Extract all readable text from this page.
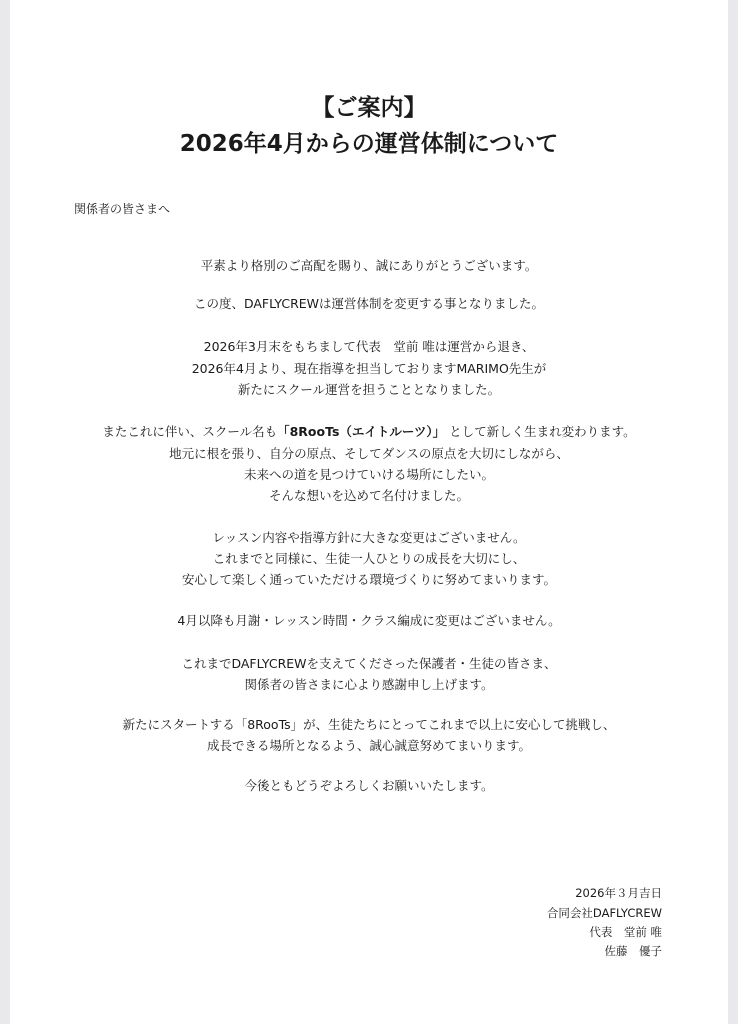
【ご案内】
2026年4月からの運営体制について
関係者の皆さまへ
平素より格別のご高配を賜り、誠にありがとうございます。
この度、DAFLYCREWは運営体制を変更する事となりました。
2026年3月末をもちまして代表　堂前 唯は運営から退き、
2026年4月より、現在指導を担当しておりますMARIMO先生が
新たにスクール運営を担うこととなりました。
またこれに伴い、スクール名も「8RooTs（エイトルーツ）」 として新しく生まれ変わります。
地元に根を張り、自分の原点、そしてダンスの原点を大切にしながら、
未来への道を見つけていける場所にしたい。
そんな想いを込めて名付けました。
レッスン内容や指導方針に大きな変更はございません。
これまでと同様に、生徒一人ひとりの成長を大切にし、
安心して楽しく通っていただける環境づくりに努めてまいります。
4月以降も月謝・レッスン時間・クラス編成に変更はございません。
これまでDAFLYCREWを支えてくださった保護者・生徒の皆さま、
関係者の皆さまに心より感謝申し上げます。
新たにスタートする「8RooTs」が、生徒たちにとってこれまで以上に安心して挑戦し、
成長できる場所となるよう、誠心誠意努めてまいります。
今後ともどうぞよろしくお願いいたします。
2026年３月吉日
合同会社DAFLYCREW
代表　堂前 唯
佐藤　優子
